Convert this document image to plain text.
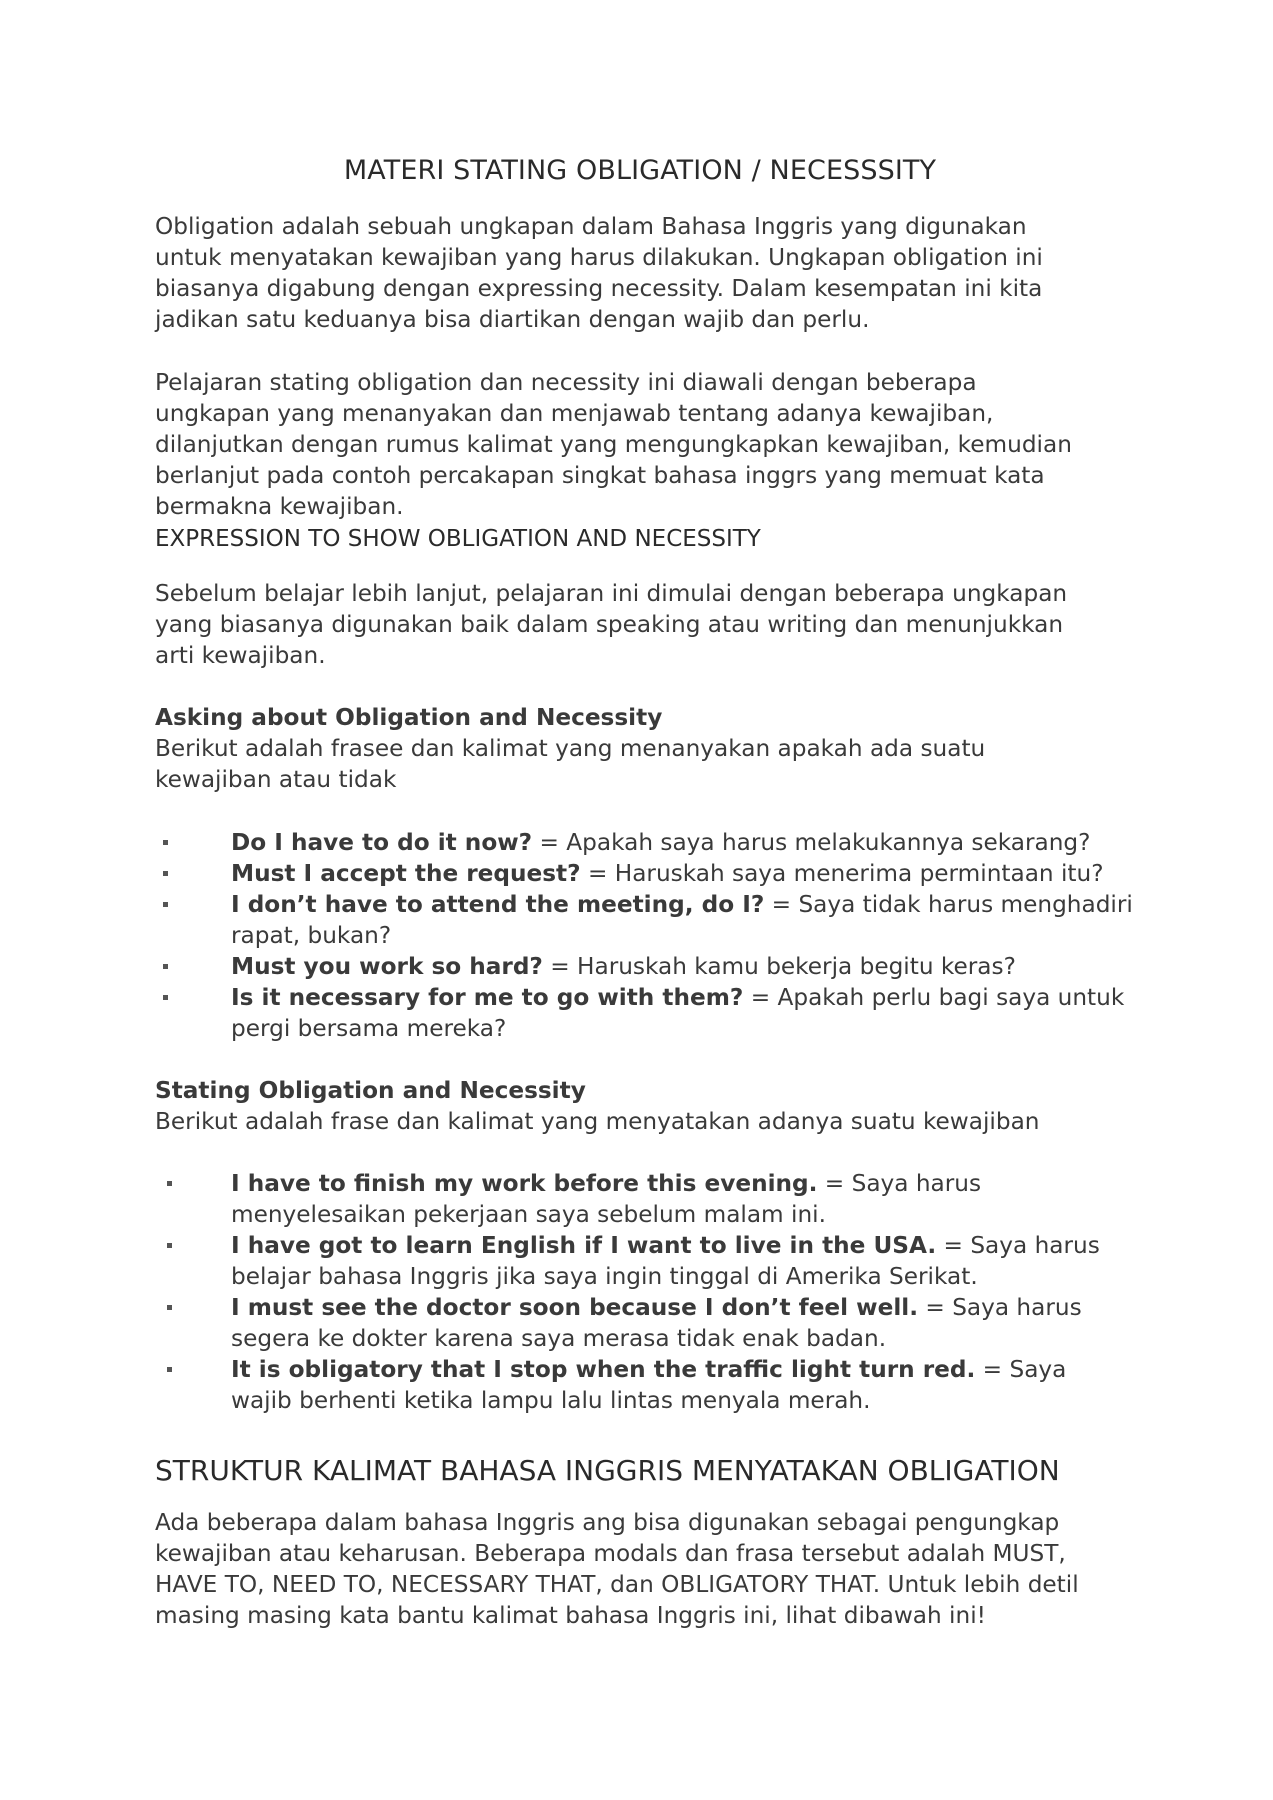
MATERI STATING OBLIGATION / NECESSSITY

Obligation adalah sebuah ungkapan dalam Bahasa Inggris yang digunakan untuk menyatakan kewajiban yang harus dilakukan. Ungkapan obligation ini biasanya digabung dengan expressing necessity. Dalam kesempatan ini kita jadikan satu keduanya bisa diartikan dengan wajib dan perlu.

Pelajaran stating obligation dan necessity ini diawali dengan beberapa ungkapan yang menanyakan dan menjawab tentang adanya kewajiban, dilanjutkan dengan rumus kalimat yang mengungkapkan kewajiban, kemudian berlanjut pada contoh percakapan singkat bahasa inggrs yang memuat kata bermakna kewajiban.

EXPRESSION TO SHOW OBLIGATION AND NECESSITY

Sebelum belajar lebih lanjut, pelajaran ini dimulai dengan beberapa ungkapan yang biasanya digunakan baik dalam speaking atau writing dan menunjukkan arti kewajiban.

Asking about Obligation and Necessity

Berikut adalah frasee dan kalimat yang menanyakan apakah ada suatu kewajiban atau tidak

Do I have to do it now? = Apakah saya harus melakukannya sekarang?
Must I accept the request? = Haruskah saya menerima permintaan itu?
I don’t have to attend the meeting, do I? = Saya tidak harus menghadiri rapat, bukan?
Must you work so hard? = Haruskah kamu bekerja begitu keras?
Is it necessary for me to go with them? = Apakah perlu bagi saya untuk pergi bersama mereka?
Stating Obligation and Necessity

Berikut adalah frase dan kalimat yang menyatakan adanya suatu kewajiban

I have to finish my work before this evening. = Saya harus menyelesaikan pekerjaan saya sebelum malam ini.
I have got to learn English if I want to live in the USA. = Saya harus belajar bahasa Inggris jika saya ingin tinggal di Amerika Serikat.
I must see the doctor soon because I don’t feel well. = Saya harus segera ke dokter karena saya merasa tidak enak badan.
It is obligatory that I stop when the traffic light turn red. = Saya wajib berhenti ketika lampu lalu lintas menyala merah.
STRUKTUR KALIMAT BAHASA INGGRIS MENYATAKAN OBLIGATION

Ada beberapa dalam bahasa Inggris ang bisa digunakan sebagai pengungkap kewajiban atau keharusan. Beberapa modals dan frasa tersebut adalah MUST, HAVE TO, NEED TO, NECESSARY THAT, dan OBLIGATORY THAT. Untuk lebih detil masing masing kata bantu kalimat bahasa Inggris ini, lihat dibawah ini!
